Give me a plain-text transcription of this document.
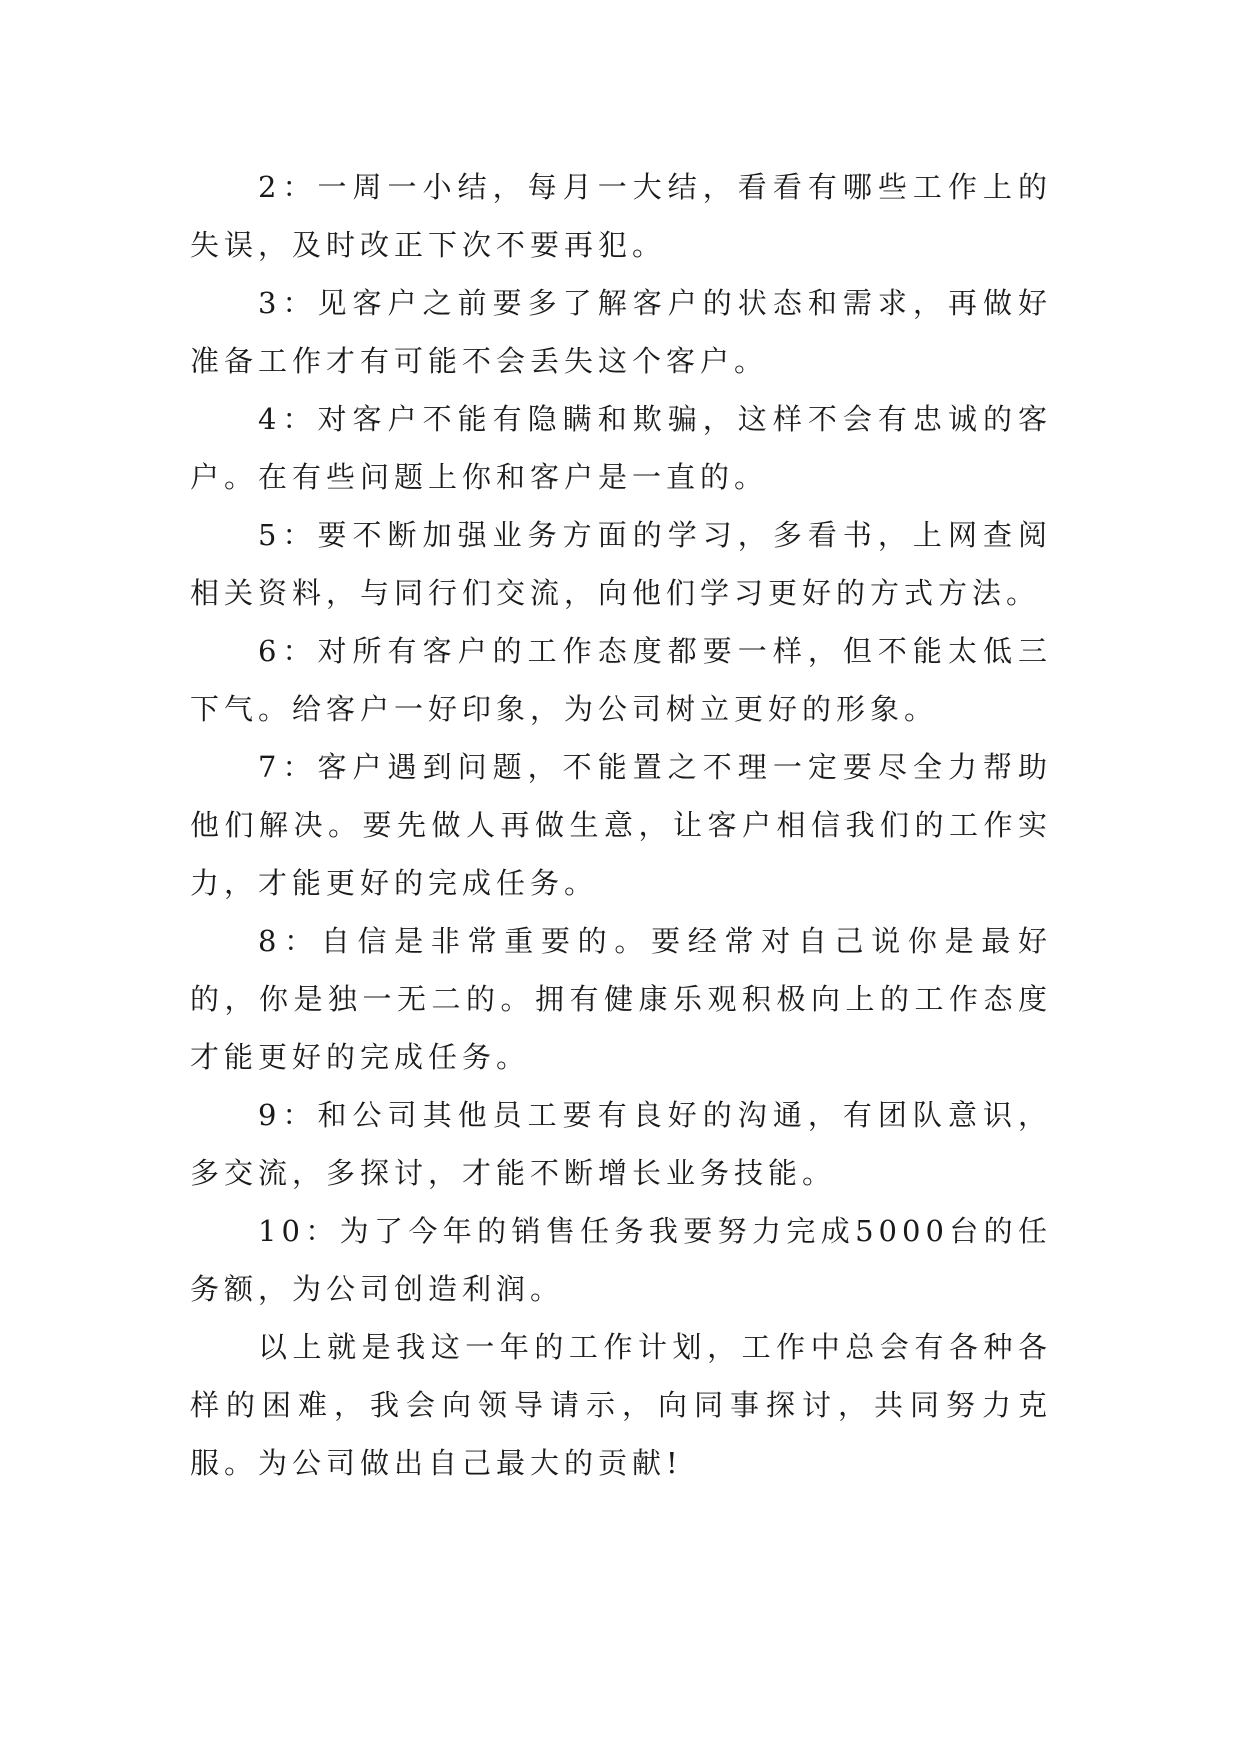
2：一周一小结，每月一大结，看看有哪些工作上的失误，及时改正下次不要再犯。

3：见客户之前要多了解客户的状态和需求，再做好准备工作才有可能不会丢失这个客户。

4：对客户不能有隐瞒和欺骗，这样不会有忠诚的客户。在有些问题上你和客户是一直的。

5：要不断加强业务方面的学习，多看书，上网查阅相关资料，与同行们交流，向他们学习更好的方式方法。

6：对所有客户的工作态度都要一样，但不能太低三下气。给客户一好印象，为公司树立更好的形象。

7：客户遇到问题，不能置之不理一定要尽全力帮助他们解决。要先做人再做生意，让客户相信我们的工作实力，才能更好的完成任务。

8：自信是非常重要的。要经常对自己说你是最好的，你是独一无二的。拥有健康乐观积极向上的工作态度才能更好的完成任务。

9：和公司其他员工要有良好的沟通，有团队意识，多交流，多探讨，才能不断增长业务技能。

10：为了今年的销售任务我要努力完成5000台的任务额，为公司创造利润。

以上就是我这一年的工作计划，工作中总会有各种各样的困难，我会向领导请示，向同事探讨，共同努力克服。为公司做出自己最大的贡献!
